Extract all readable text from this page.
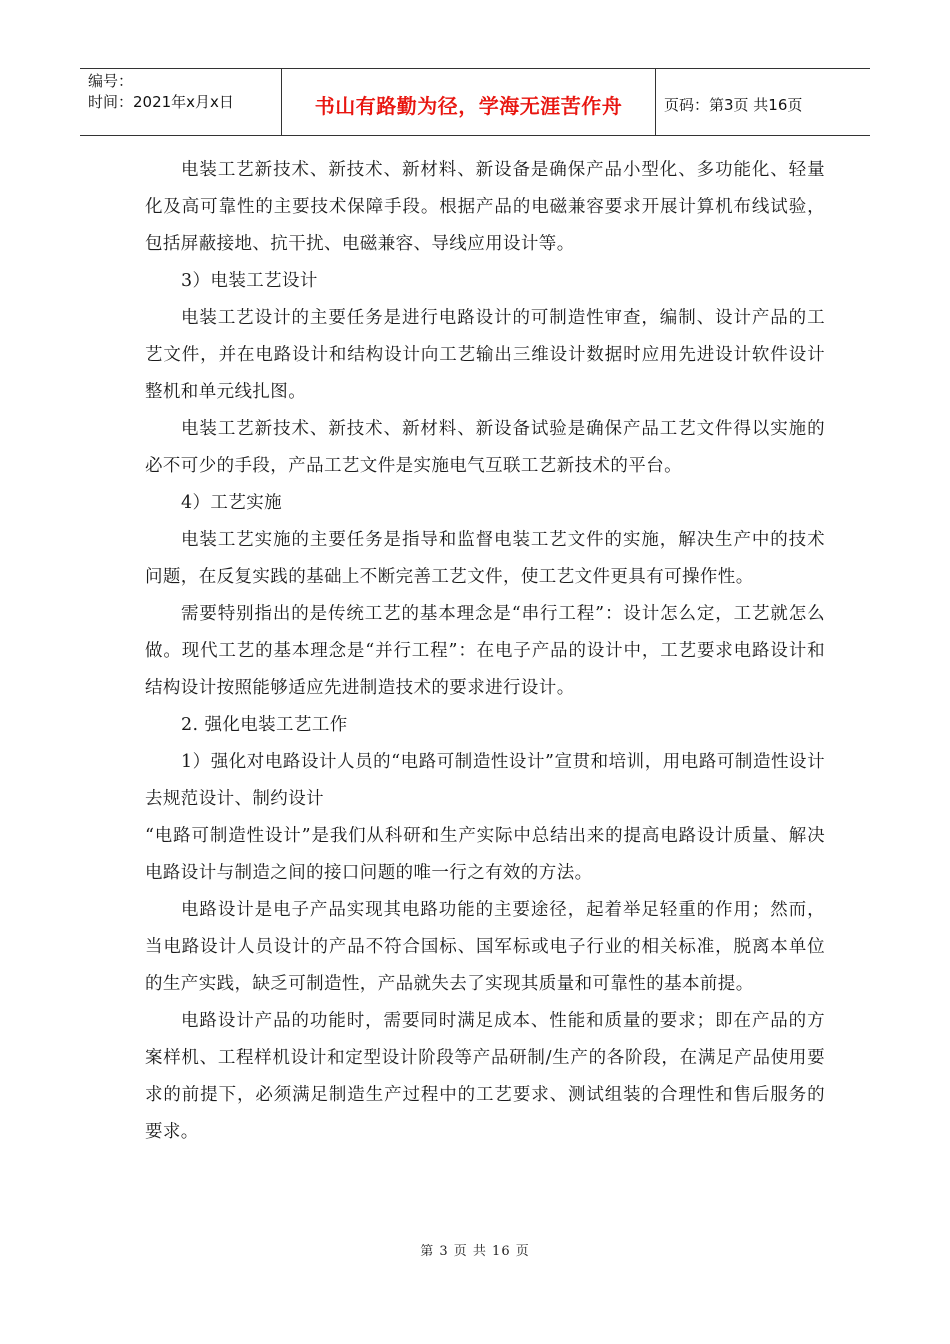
编号：
时间：2021年x月x日	书山有路勤为径，学海无涯苦作舟	页码：第3页 共16页

电装工艺新技术、新技术、新材料、新设备是确保产品小型化、多功能化、轻量化及高可靠性的主要技术保障手段。根据产品的电磁兼容要求开展计算机布线试验，包括屏蔽接地、抗干扰、电磁兼容、导线应用设计等。

3）电装工艺设计

电装工艺设计的主要任务是进行电路设计的可制造性审查，编制、设计产品的工艺文件，并在电路设计和结构设计向工艺输出三维设计数据时应用先进设计软件设计整机和单元线扎图。

电装工艺新技术、新技术、新材料、新设备试验是确保产品工艺文件得以实施的必不可少的手段，产品工艺文件是实施电气互联工艺新技术的平台。

4）工艺实施

电装工艺实施的主要任务是指导和监督电装工艺文件的实施，解决生产中的技术问题，在反复实践的基础上不断完善工艺文件，使工艺文件更具有可操作性。

需要特别指出的是传统工艺的基本理念是“串行工程”：设计怎么定，工艺就怎么做。现代工艺的基本理念是“并行工程”：在电子产品的设计中，工艺要求电路设计和结构设计按照能够适应先进制造技术的要求进行设计。

2. 强化电装工艺工作

1）强化对电路设计人员的“电路可制造性设计”宣贯和培训，用电路可制造性设计去规范设计、制约设计

“电路可制造性设计”是我们从科研和生产实际中总结出来的提高电路设计质量、解决电路设计与制造之间的接口问题的唯一行之有效的方法。

电路设计是电子产品实现其电路功能的主要途径，起着举足轻重的作用；然而，当电路设计人员设计的产品不符合国标、国军标或电子行业的相关标准，脱离本单位的生产实践，缺乏可制造性，产品就失去了实现其质量和可靠性的基本前提。

电路设计产品的功能时，需要同时满足成本、性能和质量的要求；即在产品的方案样机、工程样机设计和定型设计阶段等产品研制/生产的各阶段，在满足产品使用要求的前提下，必须满足制造生产过程中的工艺要求、测试组装的合理性和售后服务的要求。

第 3 页 共 16 页
